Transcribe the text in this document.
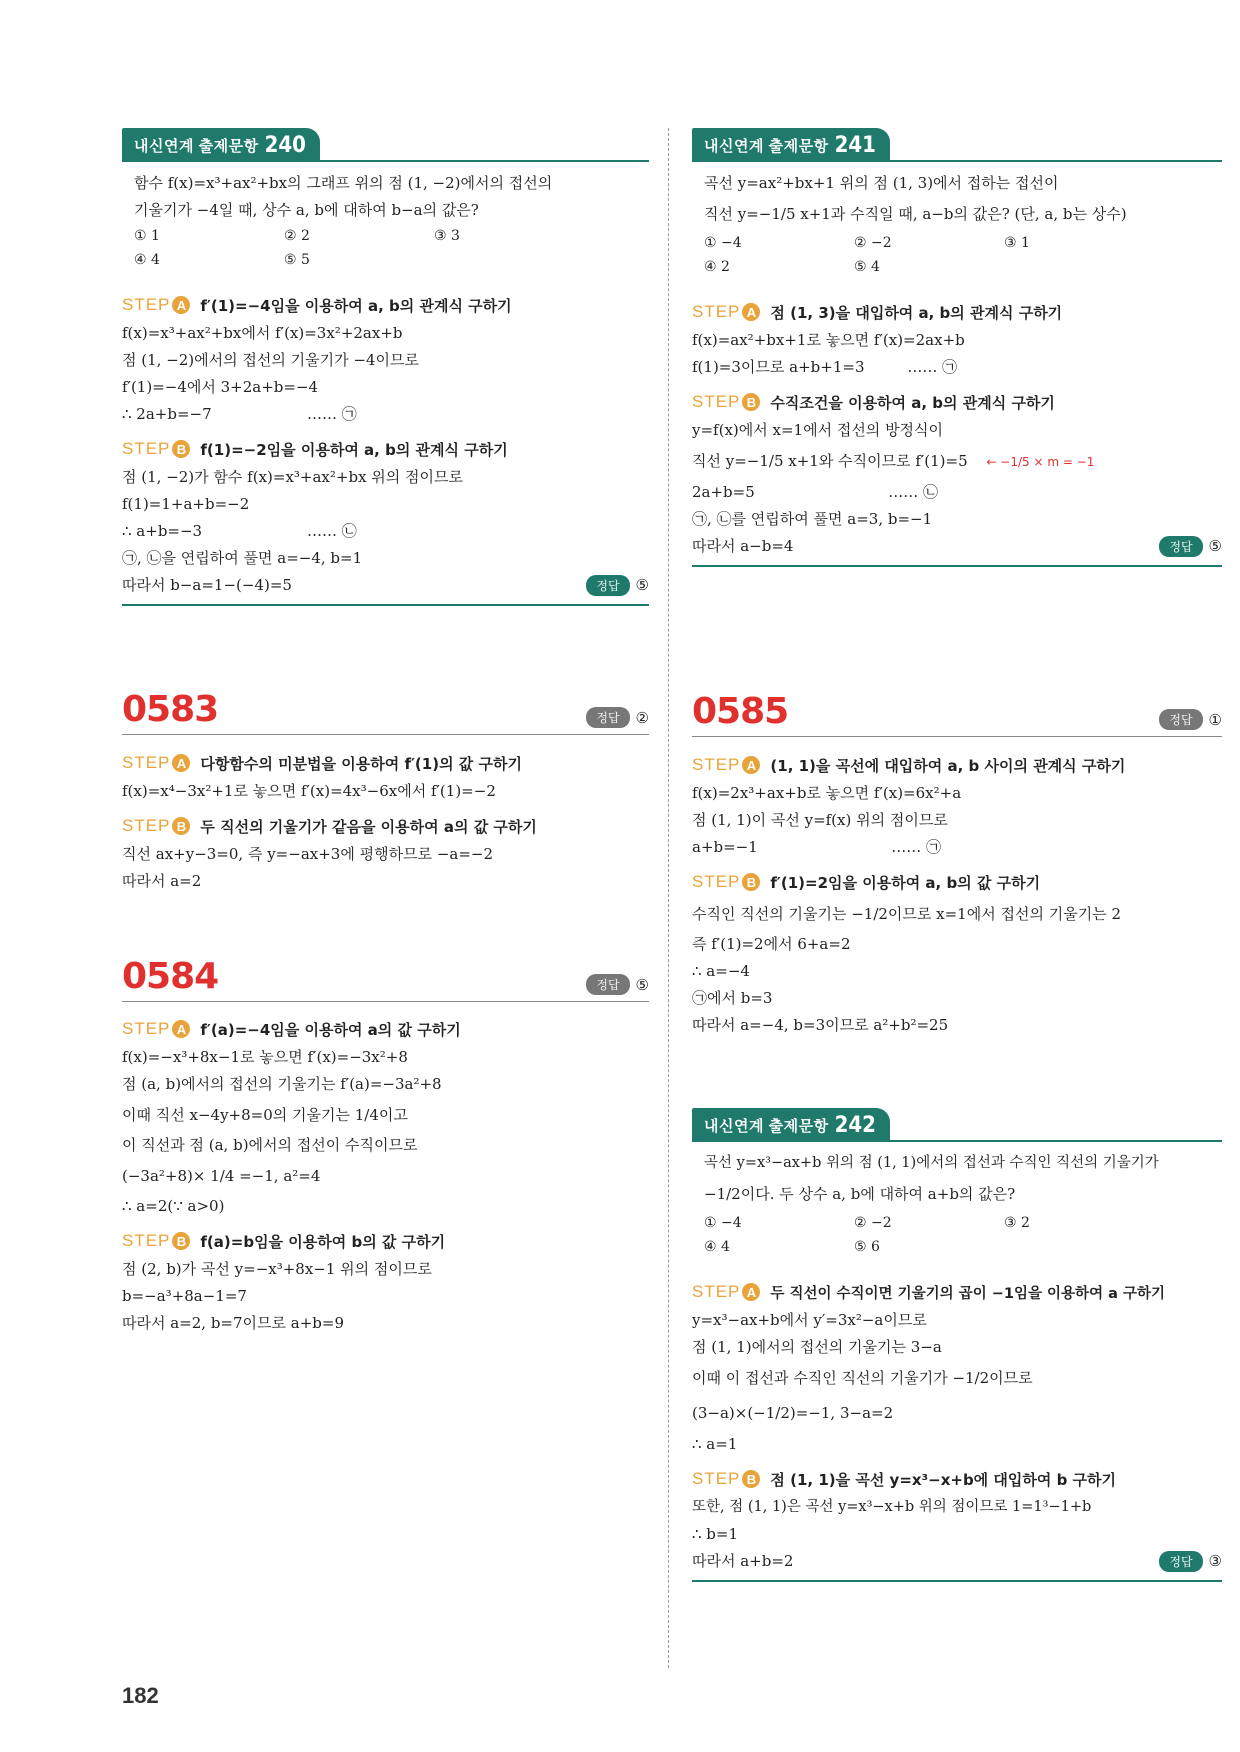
내신연계 출제문항 240
함수 f(x)=x³+ax²+bx의 그래프 위의 점 (1, −2)에서의 접선의
기울기가 −4일 때, 상수 a, b에 대하여 b−a의 값은?
① 1	② 2	③ 3
④ 4	⑤ 5
STEP A f′(1)=−4임을 이용하여 a, b의 관계식 구하기
f(x)=x³+ax²+bx에서 f′(x)=3x²+2ax+b
점 (1, −2)에서의 접선의 기울기가 −4이므로
f′(1)=−4에서 3+2a+b=−4
∴ 2a+b=−7                    …… ㉠
STEP B f(1)=−2임을 이용하여 a, b의 관계식 구하기
점 (1, −2)가 함수 f(x)=x³+ax²+bx 위의 점이므로
f(1)=1+a+b=−2
∴ a+b=−3                      …… ㉡
㉠, ㉡을 연립하여 풀면 a=−4, b=1
따라서 b−a=1−(−4)=5	정답	⑤
0583	정답	②
STEP A 다항함수의 미분법을 이용하여 f′(1)의 값 구하기
f(x)=x⁴−3x²+1로 놓으면 f′(x)=4x³−6x에서 f′(1)=−2
STEP B 두 직선의 기울기가 같음을 이용하여 a의 값 구하기
직선 ax+y−3=0, 즉 y=−ax+3에 평행하므로 −a=−2
따라서 a=2
0584	정답	⑤
STEP A f′(a)=−4임을 이용하여 a의 값 구하기
f(x)=−x³+8x−1로 놓으면 f′(x)=−3x²+8
점 (a, b)에서의 접선의 기울기는 f′(a)=−3a²+8
이때 직선 x−4y+8=0의 기울기는 1/4이고
이 직선과 점 (a, b)에서의 접선이 수직이므로
(−3a²+8)× 1/4 =−1, a²=4
∴ a=2(∵ a>0)
STEP B f(a)=b임을 이용하여 b의 값 구하기
점 (2, b)가 곡선 y=−x³+8x−1 위의 점이므로
b=−a³+8a−1=7
따라서 a=2, b=7이므로 a+b=9
내신연계 출제문항 241
곡선 y=ax²+bx+1 위의 점 (1, 3)에서 접하는 접선이
직선 y=−1/5 x+1과 수직일 때, a−b의 값은? (단, a, b는 상수)
① −4	② −2	③ 1
④ 2	⑤ 4
STEP A 점 (1, 3)을 대입하여 a, b의 관계식 구하기
f(x)=ax²+bx+1로 놓으면 f′(x)=2ax+b
f(1)=3이므로 a+b+1=3         …… ㉠
STEP B 수직조건을 이용하여 a, b의 관계식 구하기
y=f(x)에서 x=1에서 접선의 방정식이
직선 y=−1/5 x+1와 수직이므로 f′(1)=5 ← −1/5 × m = −1
2a+b=5                            …… ㉡
㉠, ㉡를 연립하여 풀면 a=3, b=−1
따라서 a−b=4	정답	⑤
0585	정답	①
STEP A (1, 1)을 곡선에 대입하여 a, b 사이의 관계식 구하기
f(x)=2x³+ax+b로 놓으면 f′(x)=6x²+a
점 (1, 1)이 곡선 y=f(x) 위의 점이므로
a+b=−1                            …… ㉠
STEP B f′(1)=2임을 이용하여 a, b의 값 구하기
수직인 직선의 기울기는 −1/2이므로 x=1에서 접선의 기울기는 2
즉 f′(1)=2에서 6+a=2
∴ a=−4
㉠에서 b=3
따라서 a=−4, b=3이므로 a²+b²=25
내신연계 출제문항 242
곡선 y=x³−ax+b 위의 점 (1, 1)에서의 접선과 수직인 직선의 기울기가
−1/2이다. 두 상수 a, b에 대하여 a+b의 값은?
① −4	② −2	③ 2
④ 4	⑤ 6
STEP A 두 직선이 수직이면 기울기의 곱이 −1임을 이용하여 a 구하기
y=x³−ax+b에서 y′=3x²−a이므로
점 (1, 1)에서의 접선의 기울기는 3−a
이때 이 접선과 수직인 직선의 기울기가 −1/2이므로
(3−a)×(−1/2)=−1, 3−a=2
∴ a=1
STEP B 점 (1, 1)을 곡선 y=x³−x+b에 대입하여 b 구하기
또한, 점 (1, 1)은 곡선 y=x³−x+b 위의 점이므로 1=1³−1+b
∴ b=1
따라서 a+b=2	정답	③
182
